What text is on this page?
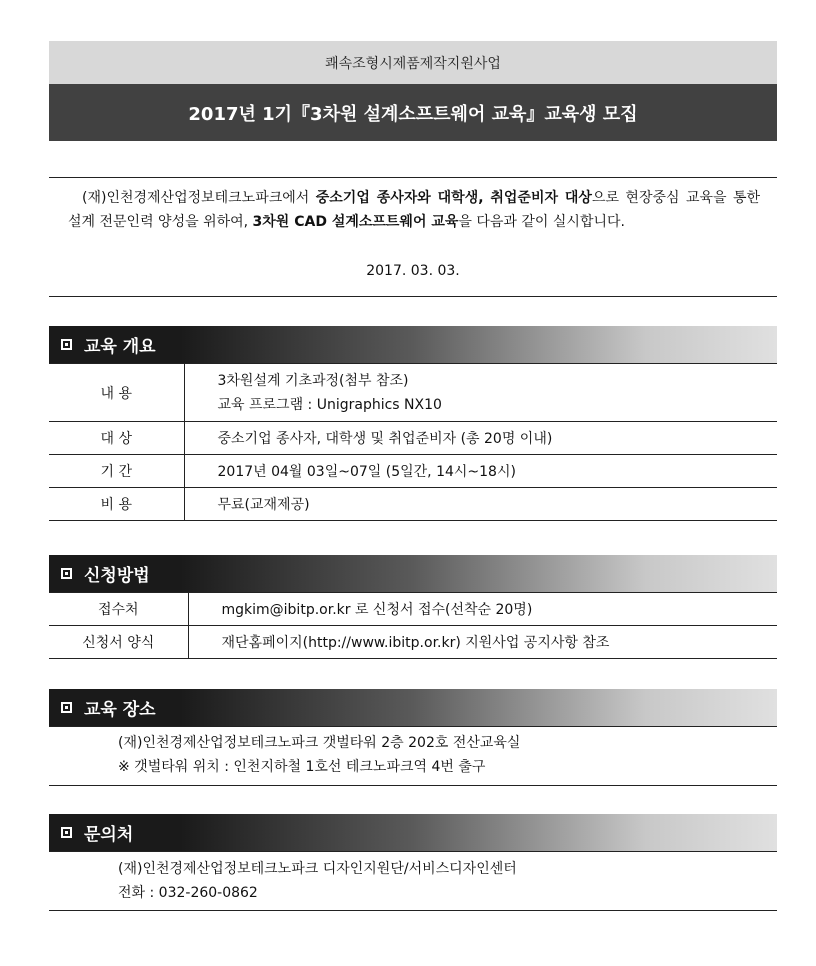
쾌속조형시제품제작지원사업
2017년 1기『3차원 설계소프트웨어 교육』교육생 모집
(재)인천경제산업정보테크노파크에서 중소기업 종사자와 대학생, 취업준비자 대상으로 현장중심 교육을 통한 설계 전문인력 양성을 위하여, 3차원 CAD 설계소프트웨어 교육을 다음과 같이 실시합니다.
2017. 03. 03.
교육 개요
내 용	3차원설계 기초과정(첨부 참조)
교육 프로그램 : Unigraphics NX10

대 상	중소기업 종사자, 대학생 및 취업준비자 (총 20명 이내)
기 간	2017년 04월 03일~07일 (5일간, 14시~18시)
비 용	무료(교재제공)
신청방법
접수처	mgkim@ibitp.or.kr 로 신청서 접수(선착순 20명)
신청서 양식	재단홈페이지(http://www.ibitp.or.kr) 지원사업 공지사항 참조
교육 장소
(재)인천경제산업정보테크노파크 갯벌타워 2층 202호 전산교육실
※ 갯벌타워 위치 : 인천지하철 1호선 테크노파크역 4번 출구
문의처
(재)인천경제산업정보테크노파크 디자인지원단/서비스디자인센터
전화 : 032-260-0862
